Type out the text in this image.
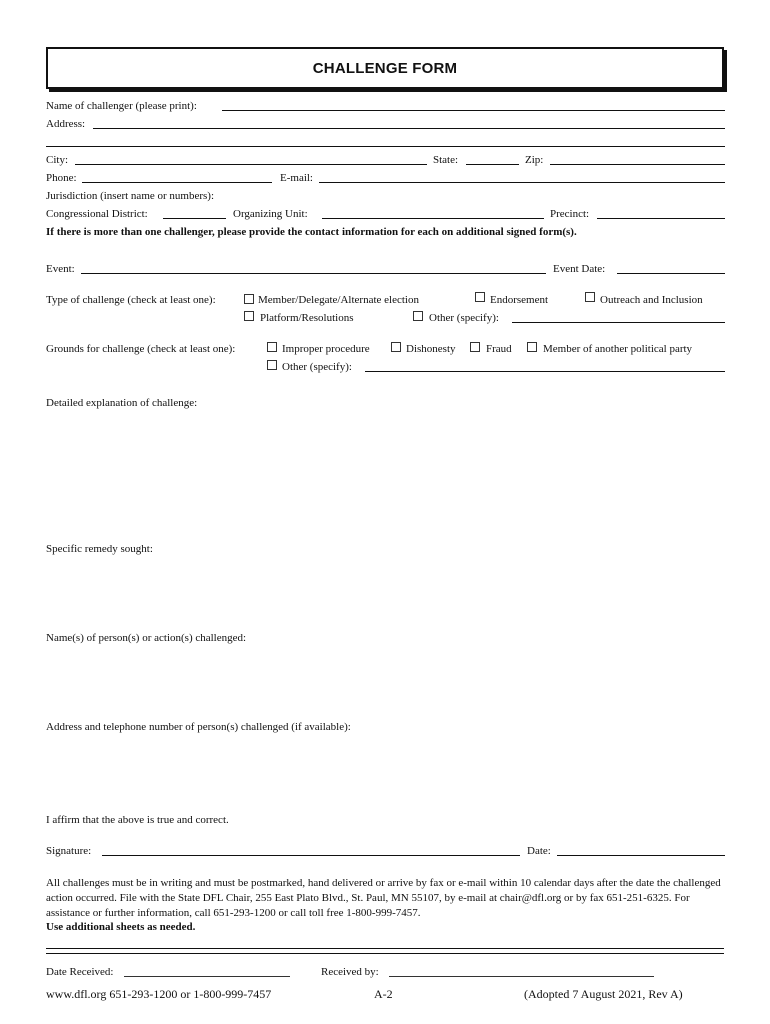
CHALLENGE FORM
Name of challenger (please print):
Address:
City:	State:	Zip:
Phone:	E-mail:
Jurisdiction (insert name or numbers):
Congressional District:	Organizing Unit:	Precinct:
If there is more than one challenger, please provide the contact information for each on additional signed form(s).
Event:	Event Date:
Type of challenge (check at least one):	Member/Delegate/Alternate election	Endorsement	Outreach and Inclusion
Platform/Resolutions	Other (specify):
Grounds for challenge (check at least one):	Improper procedure	Dishonesty	Fraud	Member of another political party
Other (specify):
Detailed explanation of challenge:
Specific remedy sought:
Name(s) of person(s) or action(s) challenged:
Address and telephone number of person(s) challenged (if available):
I affirm that the above is true and correct.
Signature:	Date:
All challenges must be in writing and must be postmarked, hand delivered or arrive by fax or e-mail within 10 calendar days after the date the challenged action occurred. File with the State DFL Chair, 255 East Plato Blvd., St. Paul, MN 55107, by e-mail at chair@dfl.org or by fax 651-251-6325. For assistance or further information, call 651-293-1200 or call toll free 1-800-999-7457.
Use additional sheets as needed.
Date Received:	Received by:
www.dfl.org 651-293-1200 or 1-800-999-7457	A-2	(Adopted 7 August 2021, Rev A)
